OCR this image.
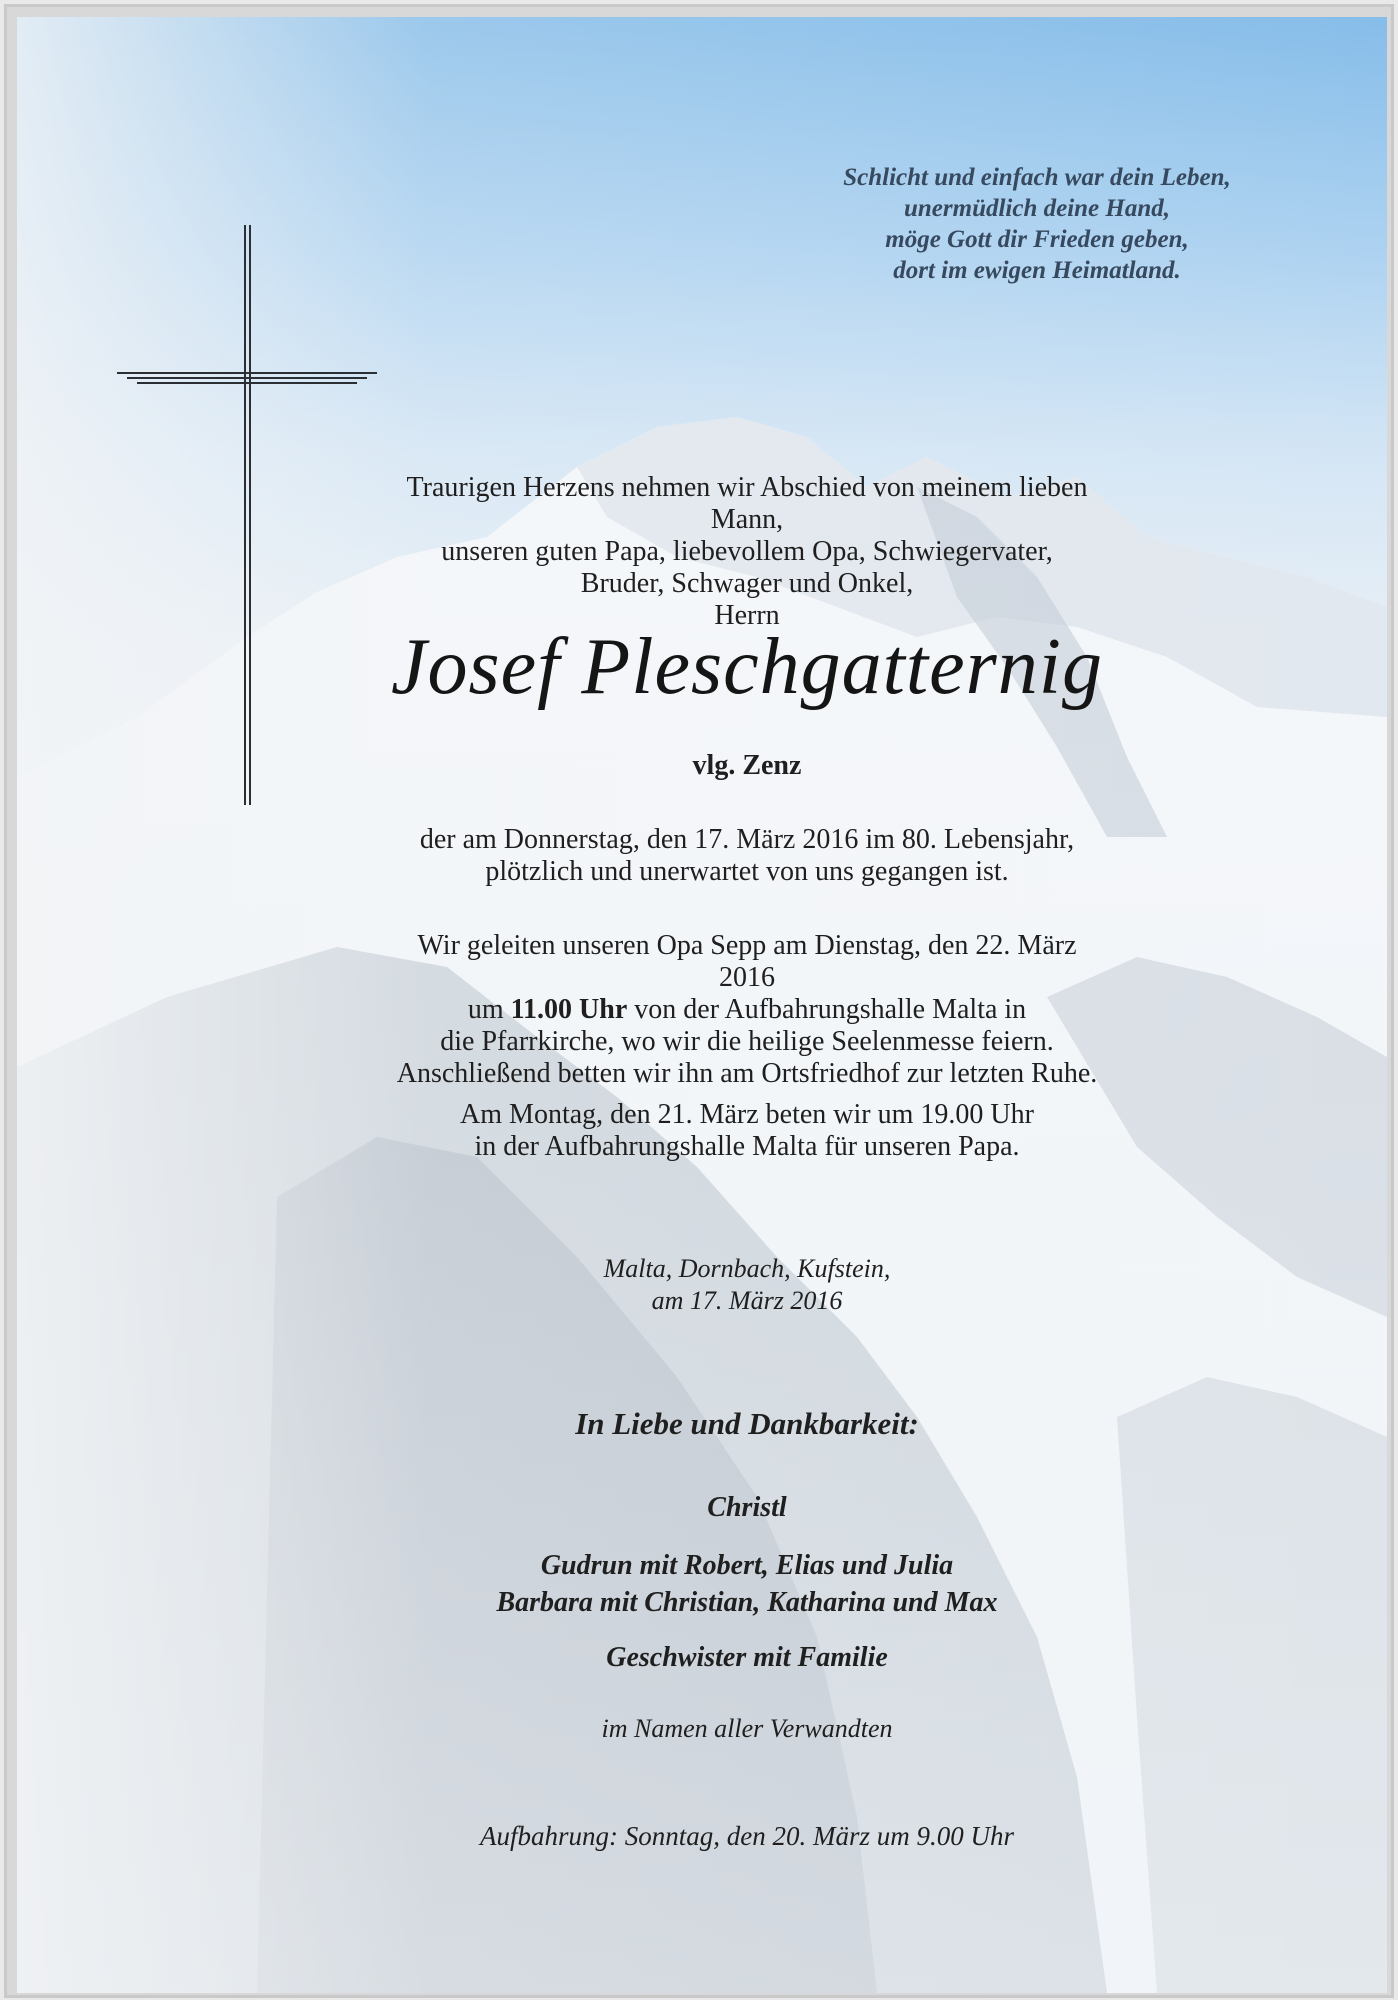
Schlicht und einfach war dein Leben,
unermüdlich deine Hand,
möge Gott dir Frieden geben,
dort im ewigen Heimatland.
Traurigen Herzens nehmen wir Abschied von meinem lieben Mann,
unseren guten Papa, liebevollem Opa, Schwiegervater,
Bruder, Schwager und Onkel,
Herrn
Josef Pleschgatternig
vlg. Zenz
der am Donnerstag, den 17. März 2016 im 80. Lebensjahr,
plötzlich und unerwartet von uns gegangen ist.
Wir geleiten unseren Opa Sepp am Dienstag, den 22. März 2016
um 11.00 Uhr von der Aufbahrungshalle Malta in
die Pfarrkirche, wo wir die heilige Seelenmesse feiern.
Anschließend betten wir ihn am Ortsfriedhof zur letzten Ruhe.
Am Montag, den 21. März beten wir um 19.00 Uhr
in der Aufbahrungshalle Malta für unseren Papa.
Malta, Dornbach, Kufstein,
am 17. März 2016
In Liebe und Dankbarkeit:
Christl
Gudrun mit Robert, Elias und Julia
Barbara mit Christian, Katharina und Max
Geschwister mit Familie
im Namen aller Verwandten
Aufbahrung: Sonntag, den 20. März um 9.00 Uhr
